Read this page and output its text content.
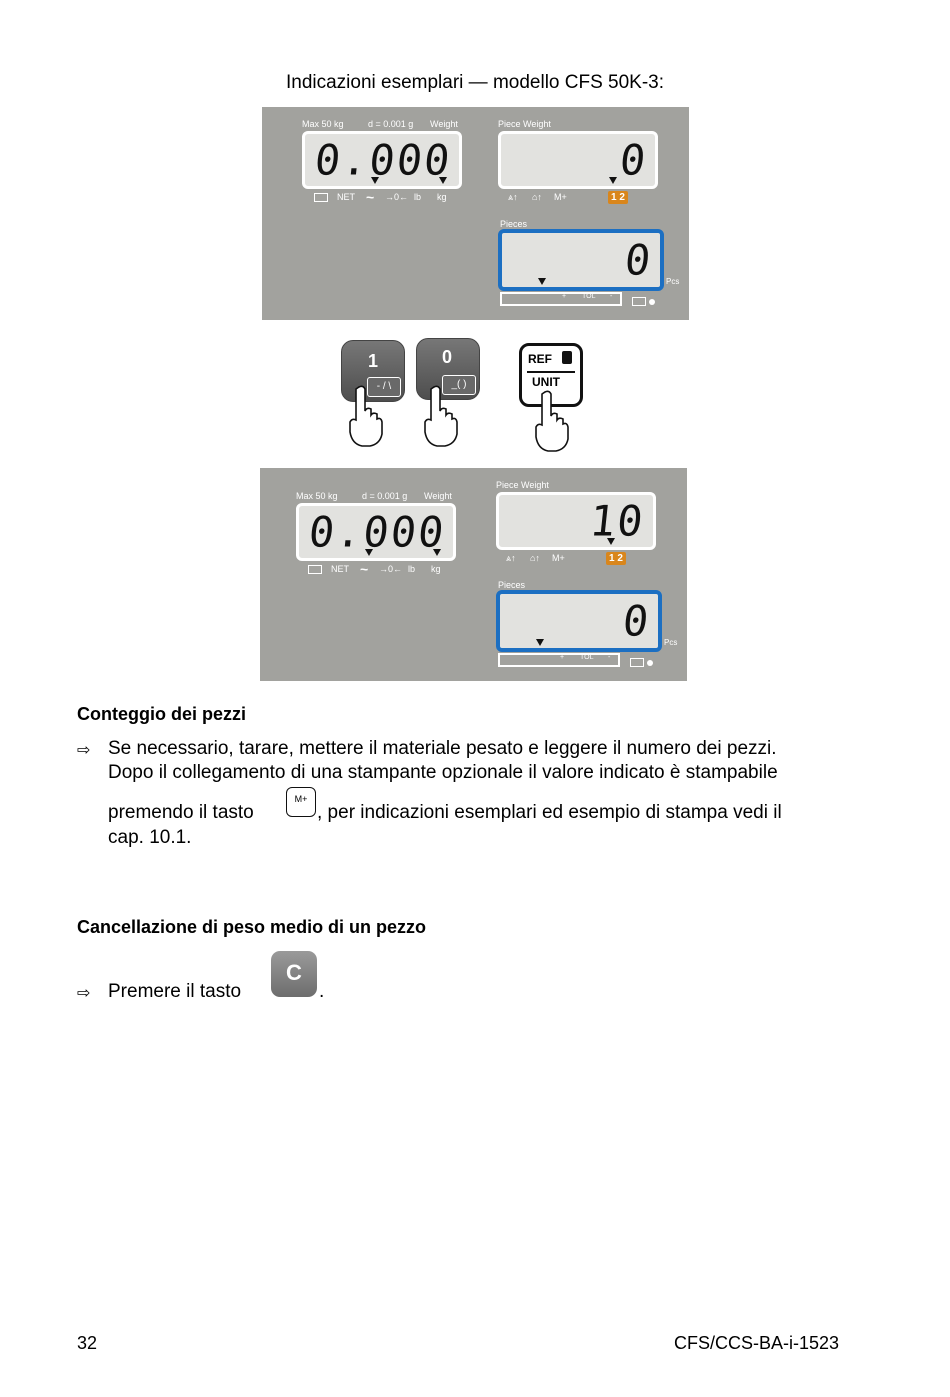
Indicazioni esemplari — modello CFS 50K-3:
Max 50 kg	d = 0.001 g Weight
0.000
NET ~ →0← lb kg
Piece Weight
0
⩓↑ ⌂↑ M+	1 2
Pieces
0 Pcs
+ TOL -
1
- / \
0
_( )
REF
UNIT
Max 50 kg	d = 0.001 g Weight
0.000
NET ~ →0← lb kg
Piece Weight
10
⩓↑ ⌂↑ M+	1 2
Pieces
0 Pcs
+ TOL -
Conteggio dei pezzi
⇨ Se necessario, tarare, mettere il materiale pesato e leggere il numero dei pezzi.
Dopo il collegamento di una stampante opzionale il valore indicato è stampabile
premendo il tasto
M+
, per indicazioni esemplari ed esempio di stampa vedi il
cap. 10.1.
Cancellazione di peso medio di un pezzo
⇨ Premere il tasto
C
.
32	CFS/CCS-BA-i-1523
